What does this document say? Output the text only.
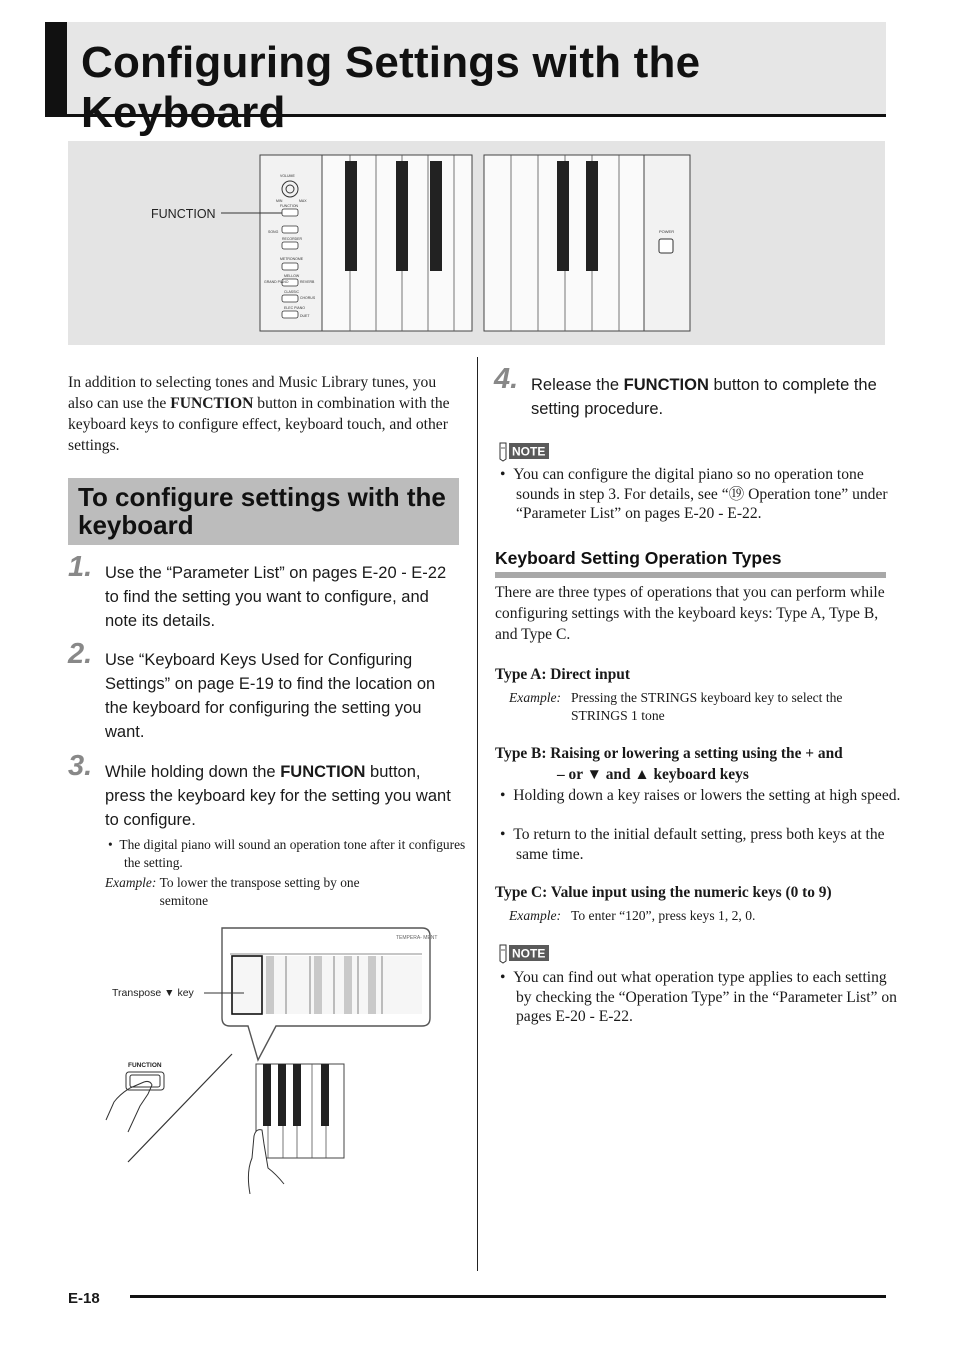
Configuring Settings with the Keyboard
VOLUME
MIN	MAX
FUNCTION
SONG
RECORDER
METRONOME
GRAND PIANO
MELLOW
REVERB
CLASSIC
CHORUS
ELEC PIANO
DUET
POWER
FUNCTION
In addition to selecting tones and Music Library tunes, you also can use the FUNCTION button in combination with the keyboard keys to configure effect, keyboard touch, and other settings.
To configure settings with the keyboard
1. Use the “Parameter List” on pages E-20 - E-22 to find the setting you want to configure, and note its details.
2. Use “Keyboard Keys Used for Configuring Settings” on page E-19 to find the location on the keyboard for configuring the setting you want.
3. While holding down the FUNCTION button, press the keyboard key for the setting you want to configure.
•  The digital piano will sound an operation tone after it configures the setting.
Example: To lower the transpose setting by one semitone
TEMPERA- MENT
Transpose ▼ key
FUNCTION
4. Release the FUNCTION button to complete the setting procedure.
NOTE
•  You can configure the digital piano so no operation tone sounds in step 3. For details, see “⑲ Operation tone” under “Parameter List” on pages E-20 - E-22.
Keyboard Setting Operation Types
There are three types of operations that you can perform while configuring settings with the keyboard keys: Type A, Type B, and Type C.
Type A: Direct input
Example: Pressing the STRINGS keyboard key to select the STRINGS 1 tone
Type B: Raising or lowering a setting using the + and
– or ▼ and ▲ keyboard keys
•  Holding down a key raises or lowers the setting at high speed.
•  To return to the initial default setting, press both keys at the same time.
Type C: Value input using the numeric keys (0 to 9)
Example: To enter “120”, press keys 1, 2, 0.
NOTE
•  You can find out what operation type applies to each setting by checking the “Operation Type” in the “Parameter List” on pages E-20 - E-22.
E-18
